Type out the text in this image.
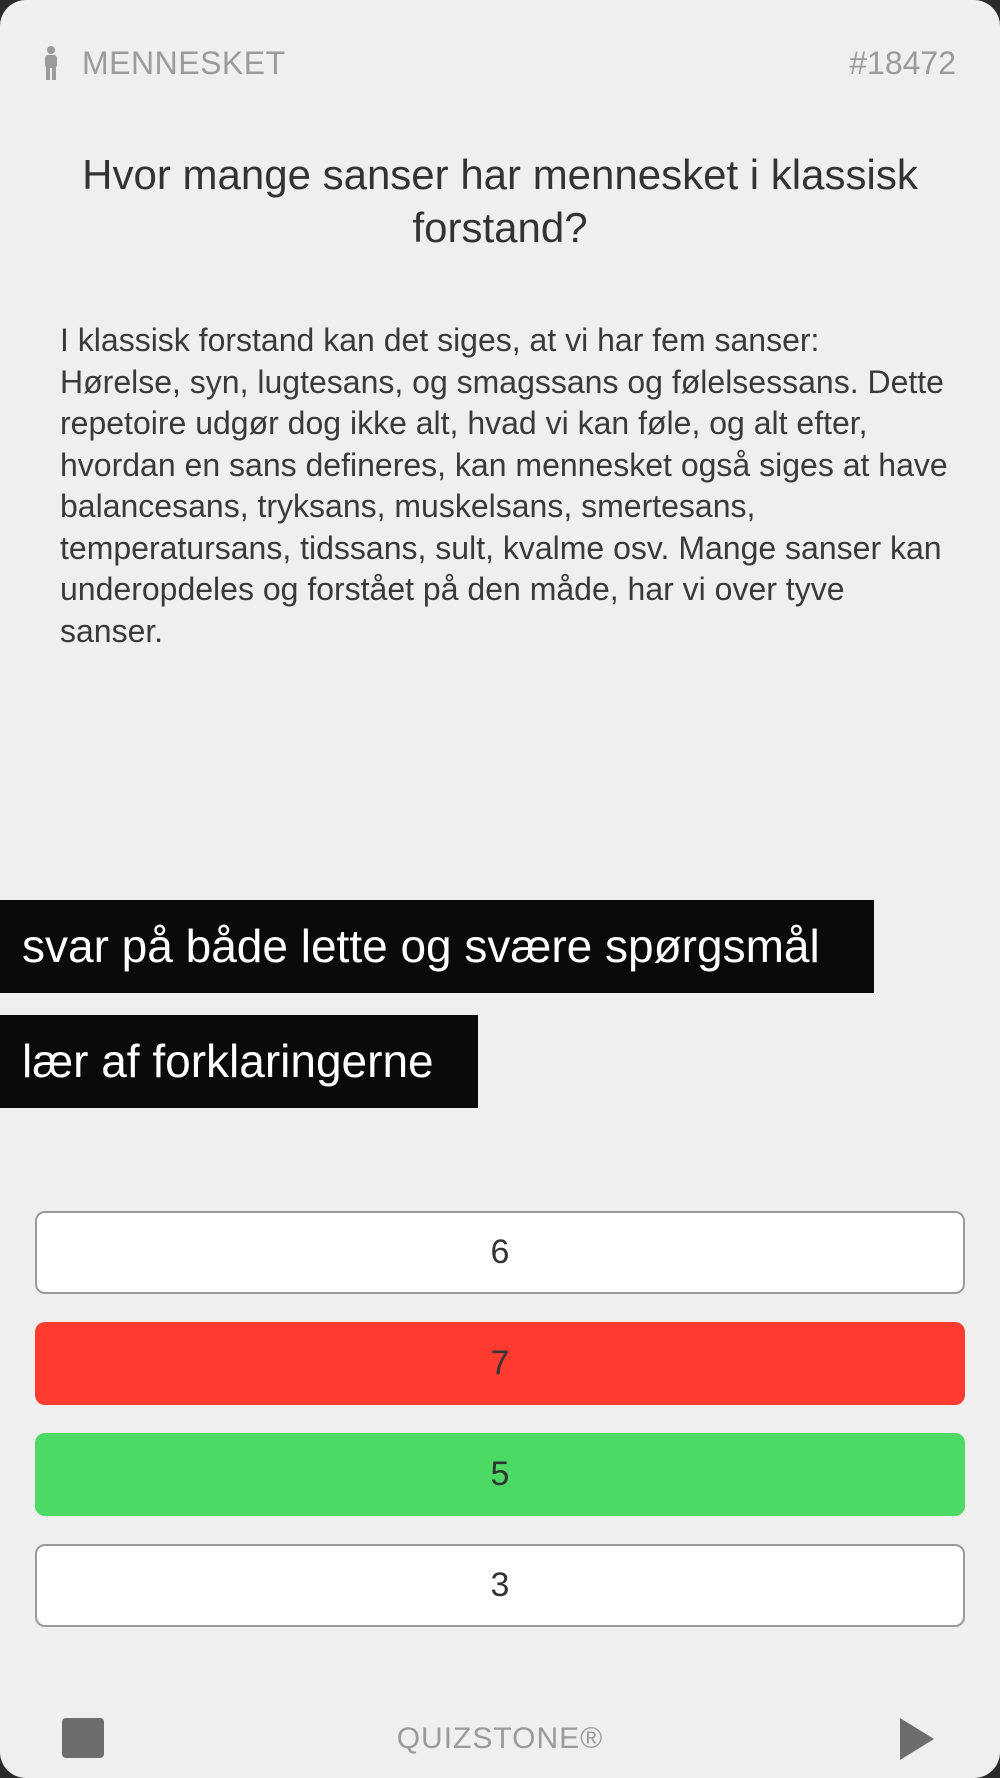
MENNESKET	#18472
Hvor mange sanser har mennesket i klassisk forstand?
I klassisk forstand kan det siges, at vi har fem sanser: Hørelse, syn, lugtesans, og smagssans og følelsessans. Dette repetoire udgør dog ikke alt, hvad vi kan føle, og alt efter, hvordan en sans defineres, kan mennesket også siges at have balancesans, tryksans, muskelsans, smertesans, temperatursans, tidssans, sult, kvalme osv. Mange sanser kan underopdeles og forstået på den måde, har vi over tyve sanser.
svar på både lette og svære spørgsmål
lær af forklaringerne
6
7
5
3
QUIZSTONE®
